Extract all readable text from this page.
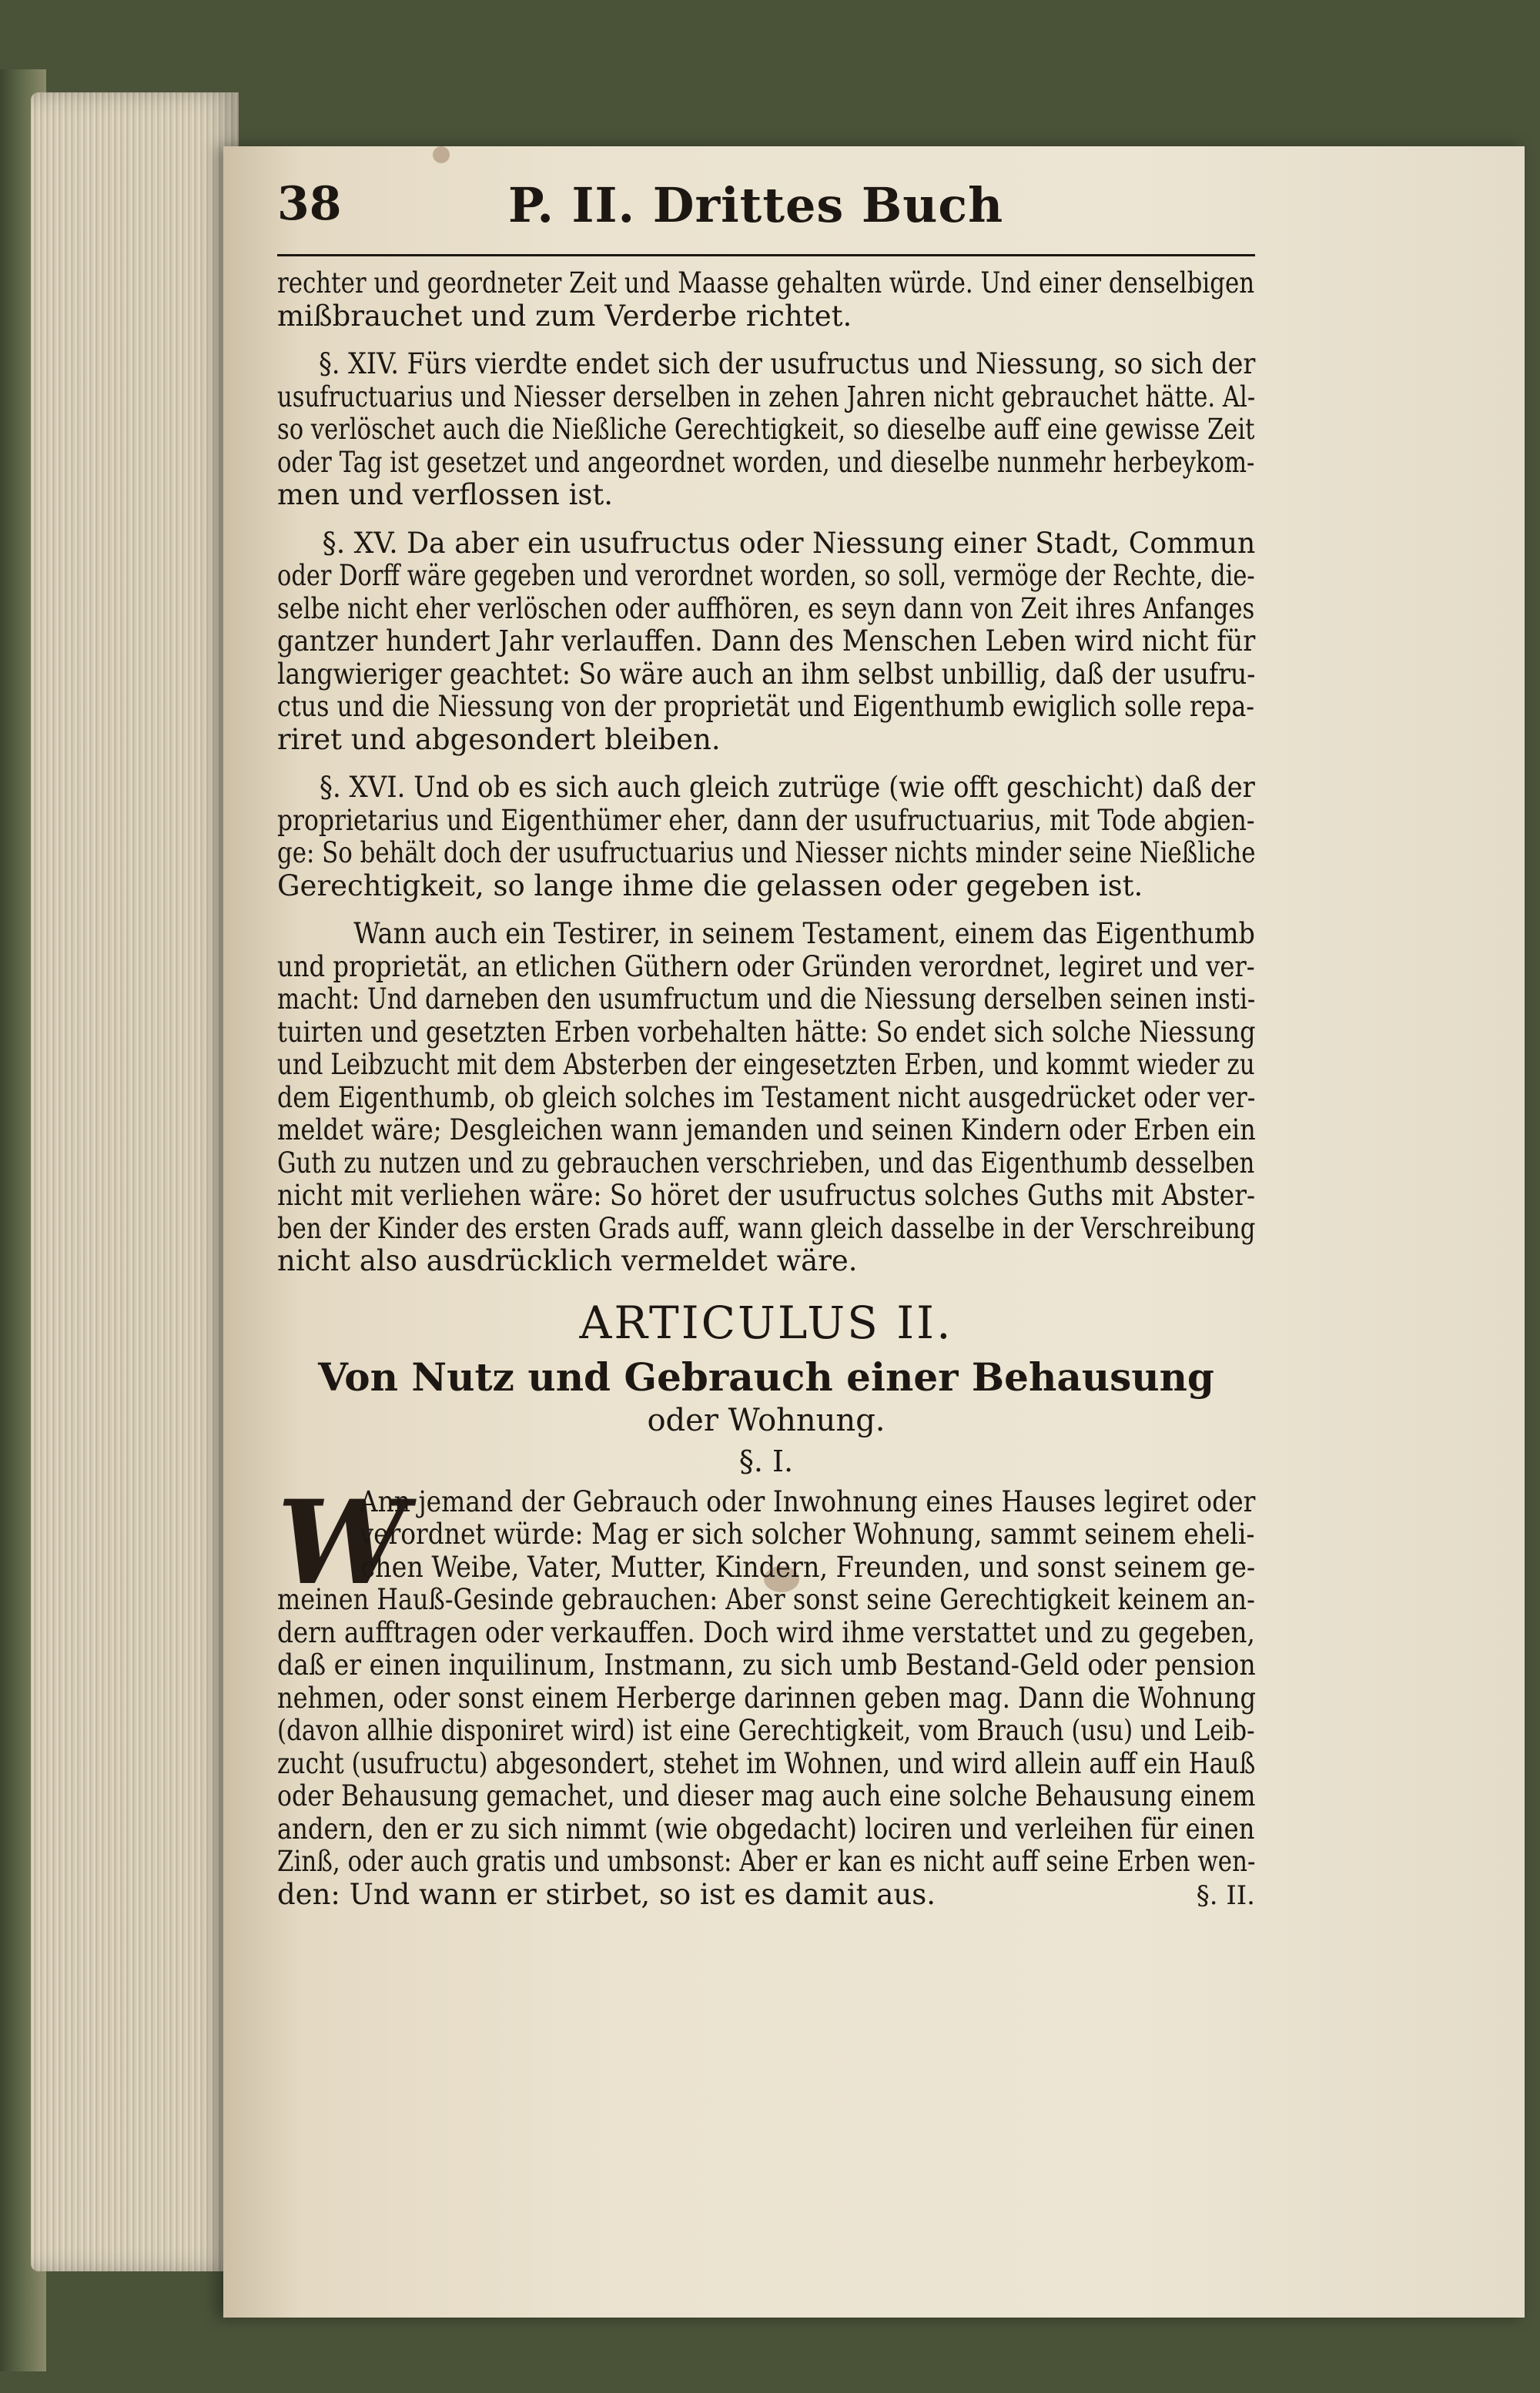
38	P. II. Drittes Buch

rechter und geordneter Zeit und Maasse gehalten würde. Und einer denselbigen
mißbrauchet und zum Verderbe richtet.

§. XIV. Fürs vierdte endet sich der usufructus und Niessung, so sich der
usufructuarius und Niesser derselben in zehen Jahren nicht gebrauchet hätte. Al-
so verlöschet auch die Nießliche Gerechtigkeit, so dieselbe auff eine gewisse Zeit
oder Tag ist gesetzet und angeordnet worden, und dieselbe nunmehr herbeykom-
men und verflossen ist.

§. XV. Da aber ein usufructus oder Niessung einer Stadt, Commun
oder Dorff wäre gegeben und verordnet worden, so soll, vermöge der Rechte, die-
selbe nicht eher verlöschen oder auffhören, es seyn dann von Zeit ihres Anfanges
gantzer hundert Jahr verlauffen. Dann des Menschen Leben wird nicht für
langwieriger geachtet: So wäre auch an ihm selbst unbillig, daß der usufru-
ctus und die Niessung von der proprietät und Eigenthumb ewiglich solle repa-
riret und abgesondert bleiben.

§. XVI. Und ob es sich auch gleich zutrüge (wie offt geschicht) daß der
proprietarius und Eigenthümer eher, dann der usufructuarius, mit Tode abgien-
ge: So behält doch der usufructuarius und Niesser nichts minder seine Nießliche
Gerechtigkeit, so lange ihme die gelassen oder gegeben ist.

Wann auch ein Testirer, in seinem Testament, einem das Eigenthumb
und proprietät, an etlichen Güthern oder Gründen verordnet, legiret und ver-
macht: Und darneben den usumfructum und die Niessung derselben seinen insti-
tuirten und gesetzten Erben vorbehalten hätte: So endet sich solche Niessung
und Leibzucht mit dem Absterben der eingesetzten Erben, und kommt wieder zu
dem Eigenthumb, ob gleich solches im Testament nicht ausgedrücket oder ver-
meldet wäre; Desgleichen wann jemanden und seinen Kindern oder Erben ein
Guth zu nutzen und zu gebrauchen verschrieben, und das Eigenthumb desselben
nicht mit verliehen wäre: So höret der usufructus solches Guths mit Abster-
ben der Kinder des ersten Grads auff, wann gleich dasselbe in der Verschreibung
nicht also ausdrücklich vermeldet wäre.

ARTICULUS II.

Von Nutz und Gebrauch einer Behausung

oder Wohnung.

§. I.

W

Ann jemand der Gebrauch oder Inwohnung eines Hauses legiret oder
verordnet würde: Mag er sich solcher Wohnung, sammt seinem eheli-
chen Weibe, Vater, Mutter, Kindern, Freunden, und sonst seinem ge-
meinen Hauß-Gesinde gebrauchen: Aber sonst seine Gerechtigkeit keinem an-
dern aufftragen oder verkauffen. Doch wird ihme verstattet und zu gegeben,
daß er einen inquilinum, Instmann, zu sich umb Bestand-Geld oder pension
nehmen, oder sonst einem Herberge darinnen geben mag. Dann die Wohnung
(davon allhie disponiret wird) ist eine Gerechtigkeit, vom Brauch (usu) und Leib-
zucht (usufructu) abgesondert, stehet im Wohnen, und wird allein auff ein Hauß
oder Behausung gemachet, und dieser mag auch eine solche Behausung einem
andern, den er zu sich nimmt (wie obgedacht) lociren und verleihen für einen
Zinß, oder auch gratis und umbsonst: Aber er kan es nicht auff seine Erben wen-
den: Und wann er stirbet, so ist es damit aus.	§. II.
